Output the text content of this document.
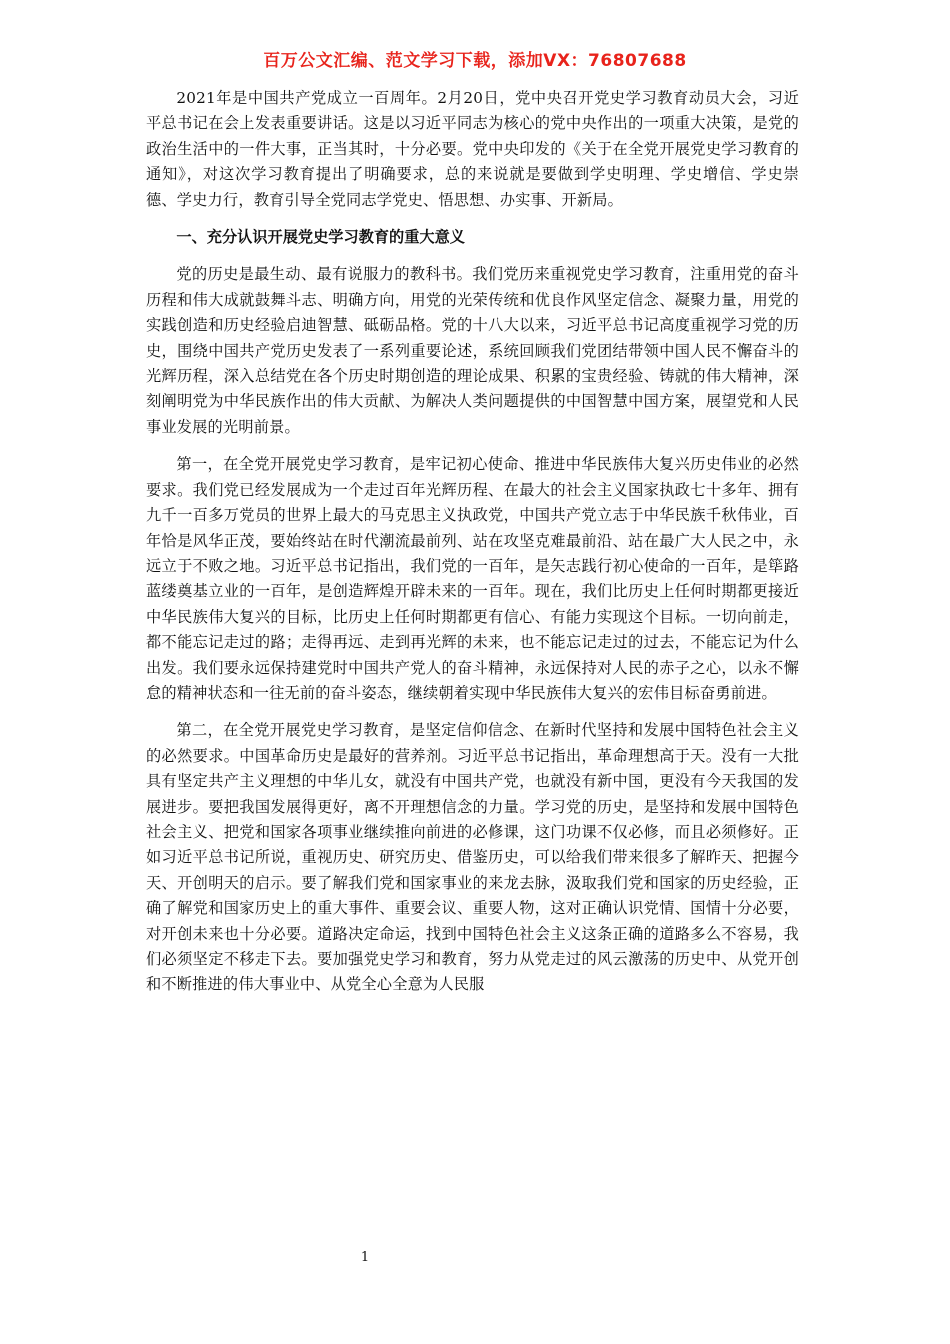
百万公文汇编、范文学习下载，添加VX：76807688

2021年是中国共产党成立一百周年。2月20日，党中央召开党史学习教育动员大会，习近平总书记在会上发表重要讲话。这是以习近平同志为核心的党中央作出的一项重大决策，是党的政治生活中的一件大事，正当其时，十分必要。党中央印发的《关于在全党开展党史学习教育的通知》，对这次学习教育提出了明确要求，总的来说就是要做到学史明理、学史增信、学史崇德、学史力行，教育引导全党同志学党史、悟思想、办实事、开新局。

一、充分认识开展党史学习教育的重大意义

党的历史是最生动、最有说服力的教科书。我们党历来重视党史学习教育，注重用党的奋斗历程和伟大成就鼓舞斗志、明确方向，用党的光荣传统和优良作风坚定信念、凝聚力量，用党的实践创造和历史经验启迪智慧、砥砺品格。党的十八大以来，习近平总书记高度重视学习党的历史，围绕中国共产党历史发表了一系列重要论述，系统回顾我们党团结带领中国人民不懈奋斗的光辉历程，深入总结党在各个历史时期创造的理论成果、积累的宝贵经验、铸就的伟大精神，深刻阐明党为中华民族作出的伟大贡献、为解决人类问题提供的中国智慧中国方案，展望党和人民事业发展的光明前景。

第一，在全党开展党史学习教育，是牢记初心使命、推进中华民族伟大复兴历史伟业的必然要求。我们党已经发展成为一个走过百年光辉历程、在最大的社会主义国家执政七十多年、拥有九千一百多万党员的世界上最大的马克思主义执政党，中国共产党立志于中华民族千秋伟业，百年恰是风华正茂，要始终站在时代潮流最前列、站在攻坚克难最前沿、站在最广大人民之中，永远立于不败之地。习近平总书记指出，我们党的一百年，是矢志践行初心使命的一百年，是筚路蓝缕奠基立业的一百年，是创造辉煌开辟未来的一百年。现在，我们比历史上任何时期都更接近中华民族伟大复兴的目标，比历史上任何时期都更有信心、有能力实现这个目标。一切向前走，都不能忘记走过的路；走得再远、走到再光辉的未来，也不能忘记走过的过去，不能忘记为什么出发。我们要永远保持建党时中国共产党人的奋斗精神，永远保持对人民的赤子之心，以永不懈怠的精神状态和一往无前的奋斗姿态，继续朝着实现中华民族伟大复兴的宏伟目标奋勇前进。

第二，在全党开展党史学习教育，是坚定信仰信念、在新时代坚持和发展中国特色社会主义的必然要求。中国革命历史是最好的营养剂。习近平总书记指出，革命理想高于天。没有一大批具有坚定共产主义理想的中华儿女，就没有中国共产党，也就没有新中国，更没有今天我国的发展进步。要把我国发展得更好，离不开理想信念的力量。学习党的历史，是坚持和发展中国特色社会主义、把党和国家各项事业继续推向前进的必修课，这门功课不仅必修，而且必须修好。正如习近平总书记所说，重视历史、研究历史、借鉴历史，可以给我们带来很多了解昨天、把握今天、开创明天的启示。要了解我们党和国家事业的来龙去脉，汲取我们党和国家的历史经验，正确了解党和国家历史上的重大事件、重要会议、重要人物，这对正确认识党情、国情十分必要，对开创未来也十分必要。道路决定命运，找到中国特色社会主义这条正确的道路多么不容易，我们必须坚定不移走下去。要加强党史学习和教育，努力从党走过的风云激荡的历史中、从党开创和不断推进的伟大事业中、从党全心全意为人民服

1
